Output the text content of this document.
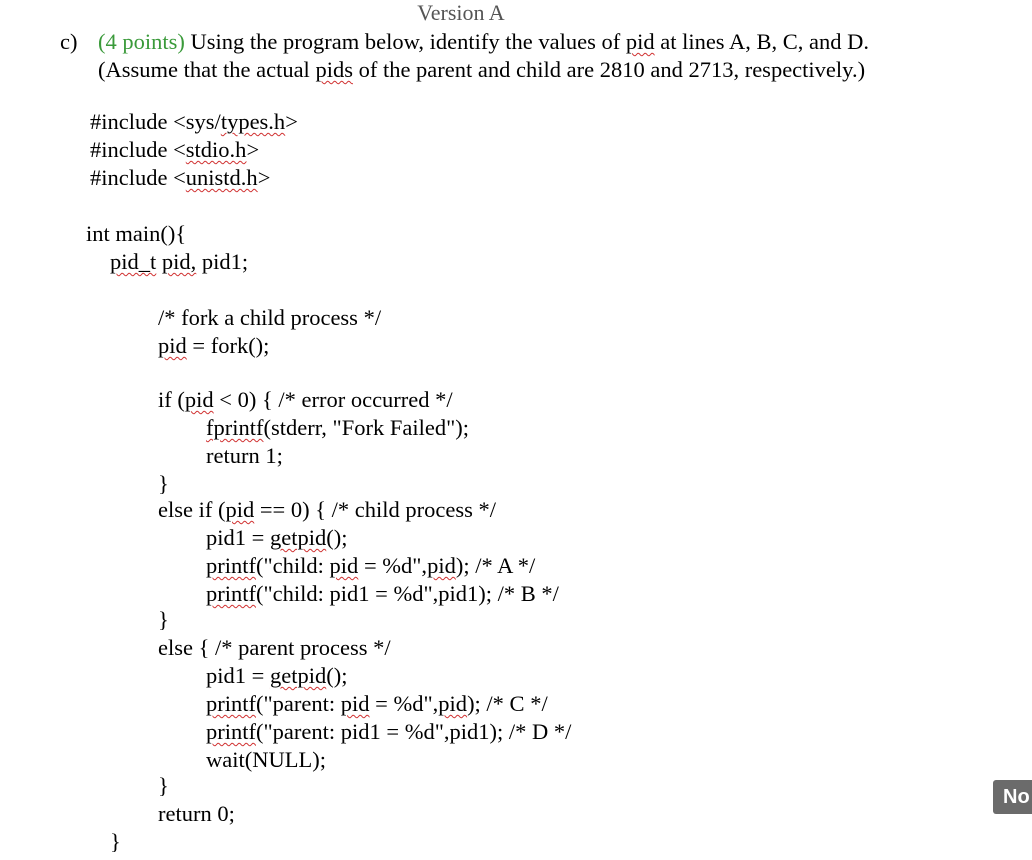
Version A
c) (4 points) Using the program below, identify the values of pid at lines A, B, C, and D.
(Assume that the actual pids of the parent and child are 2810 and 2713, respectively.)
#include <sys/types.h>
#include <stdio.h>
#include <unistd.h>
int main(){
pid_t pid, pid1;
/* fork a child process */
pid = fork();
if (pid < 0) { /* error occurred */
fprintf(stderr, "Fork Failed");
return 1;
}
else if (pid == 0) { /* child process */
pid1 = getpid();
printf("child: pid = %d",pid); /* A */
printf("child: pid1 = %d",pid1); /* B */
}
else { /* parent process */
pid1 = getpid();
printf("parent: pid = %d",pid); /* C */
printf("parent: pid1 = %d",pid1); /* D */
wait(NULL);
}
return 0;
}
No
